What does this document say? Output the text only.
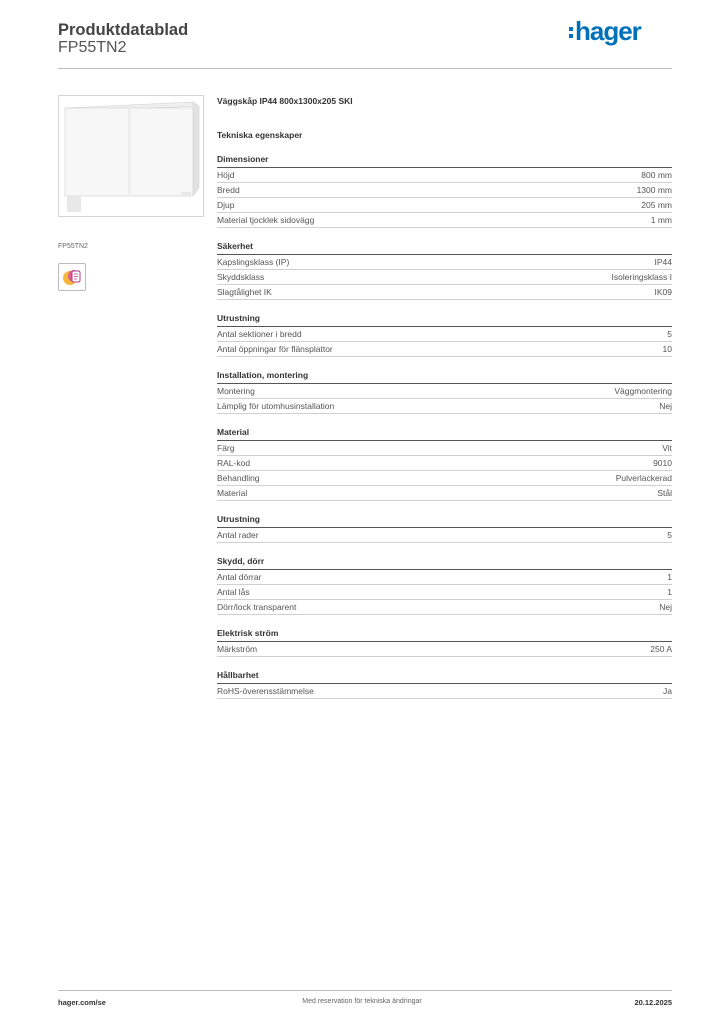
Produktdatablad
FP55TN2
hager
FP55TN2
Väggskåp IP44 800x1300x205 SKI
Tekniska egenskaper
Dimensioner
Höjd	800 mm
Bredd	1300 mm
Djup	205 mm
Material tjocklek sidovägg	1 mm
Säkerhet
Kapslingsklass (IP)	IP44
Skyddsklass	Isoleringsklass I
Slagtålighet IK	IK09
Utrustning
Antal sektioner i bredd	5
Antal öppningar för flänsplattor	10
Installation, montering
Montering	Väggmontering
Lämplig för utomhusinstallation	Nej
Material
Färg	Vit
RAL-kod	9010
Behandling	Pulverlackerad
Material	Stål
Utrustning
Antal rader	5
Skydd, dörr
Antal dörrar	1
Antal lås	1
Dörr/lock transparent	Nej
Elektrisk ström
Märkström	250 A
Hållbarhet
RoHS-överensstämmelse	Ja
hager.com/se	Med reservation för tekniska ändringar	20.12.2025
